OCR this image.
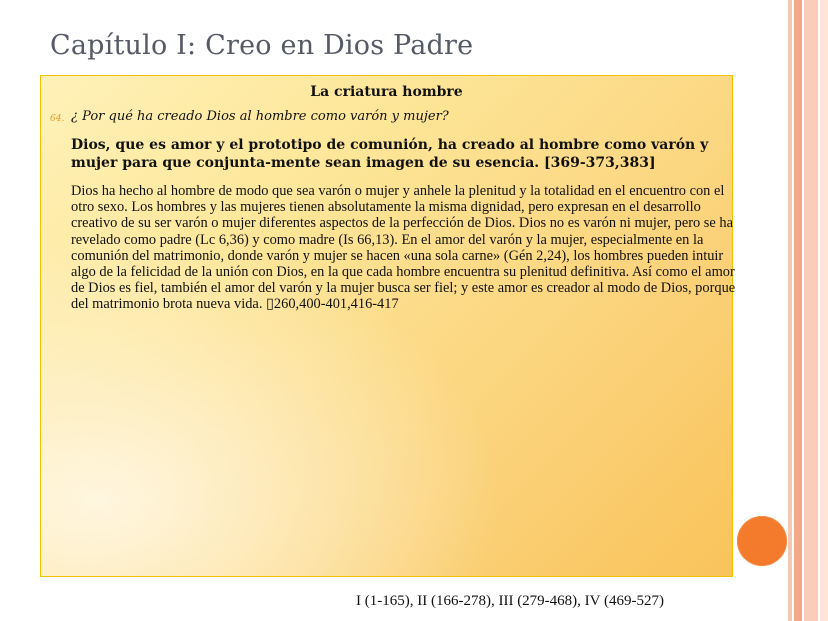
Capítulo I: Creo en Dios Padre
La criatura hombre
64. ¿ Por qué ha creado Dios al hombre como varón y mujer?
Dios, que es amor y el prototipo de comunión, ha creado al hombre como varón y mujer para que conjunta-mente sean imagen de su esencia. [369-373,383]
Dios ha hecho al hombre de modo que sea varón o mujer y anhele la plenitud y la totalidad en el encuentro con el otro sexo. Los hombres y las mujeres tienen absolutamente la misma dignidad, pero expresan en el desarrollo creativo de su ser varón o mujer diferentes aspectos de la perfección de Dios. Dios no es varón ni mujer, pero se ha revelado como padre (Lc 6,36) y como madre (Is 66,13). En el amor del varón y la mujer, especialmente en la comunión del matrimonio, donde varón y mujer se hacen «una sola carne» (Gén 2,24), los hombres pueden intuir algo de la felicidad de la unión con Dios, en la que cada hombre encuentra su plenitud definitiva. Así como el amor de Dios es fiel, también el amor del varón y la mujer busca ser fiel; y este amor es creador al modo de Dios, porque del matrimonio brota nueva vida. ▯260,400-401,416-417
I (1-165), II (166-278), III (279-468), IV (469-527)
